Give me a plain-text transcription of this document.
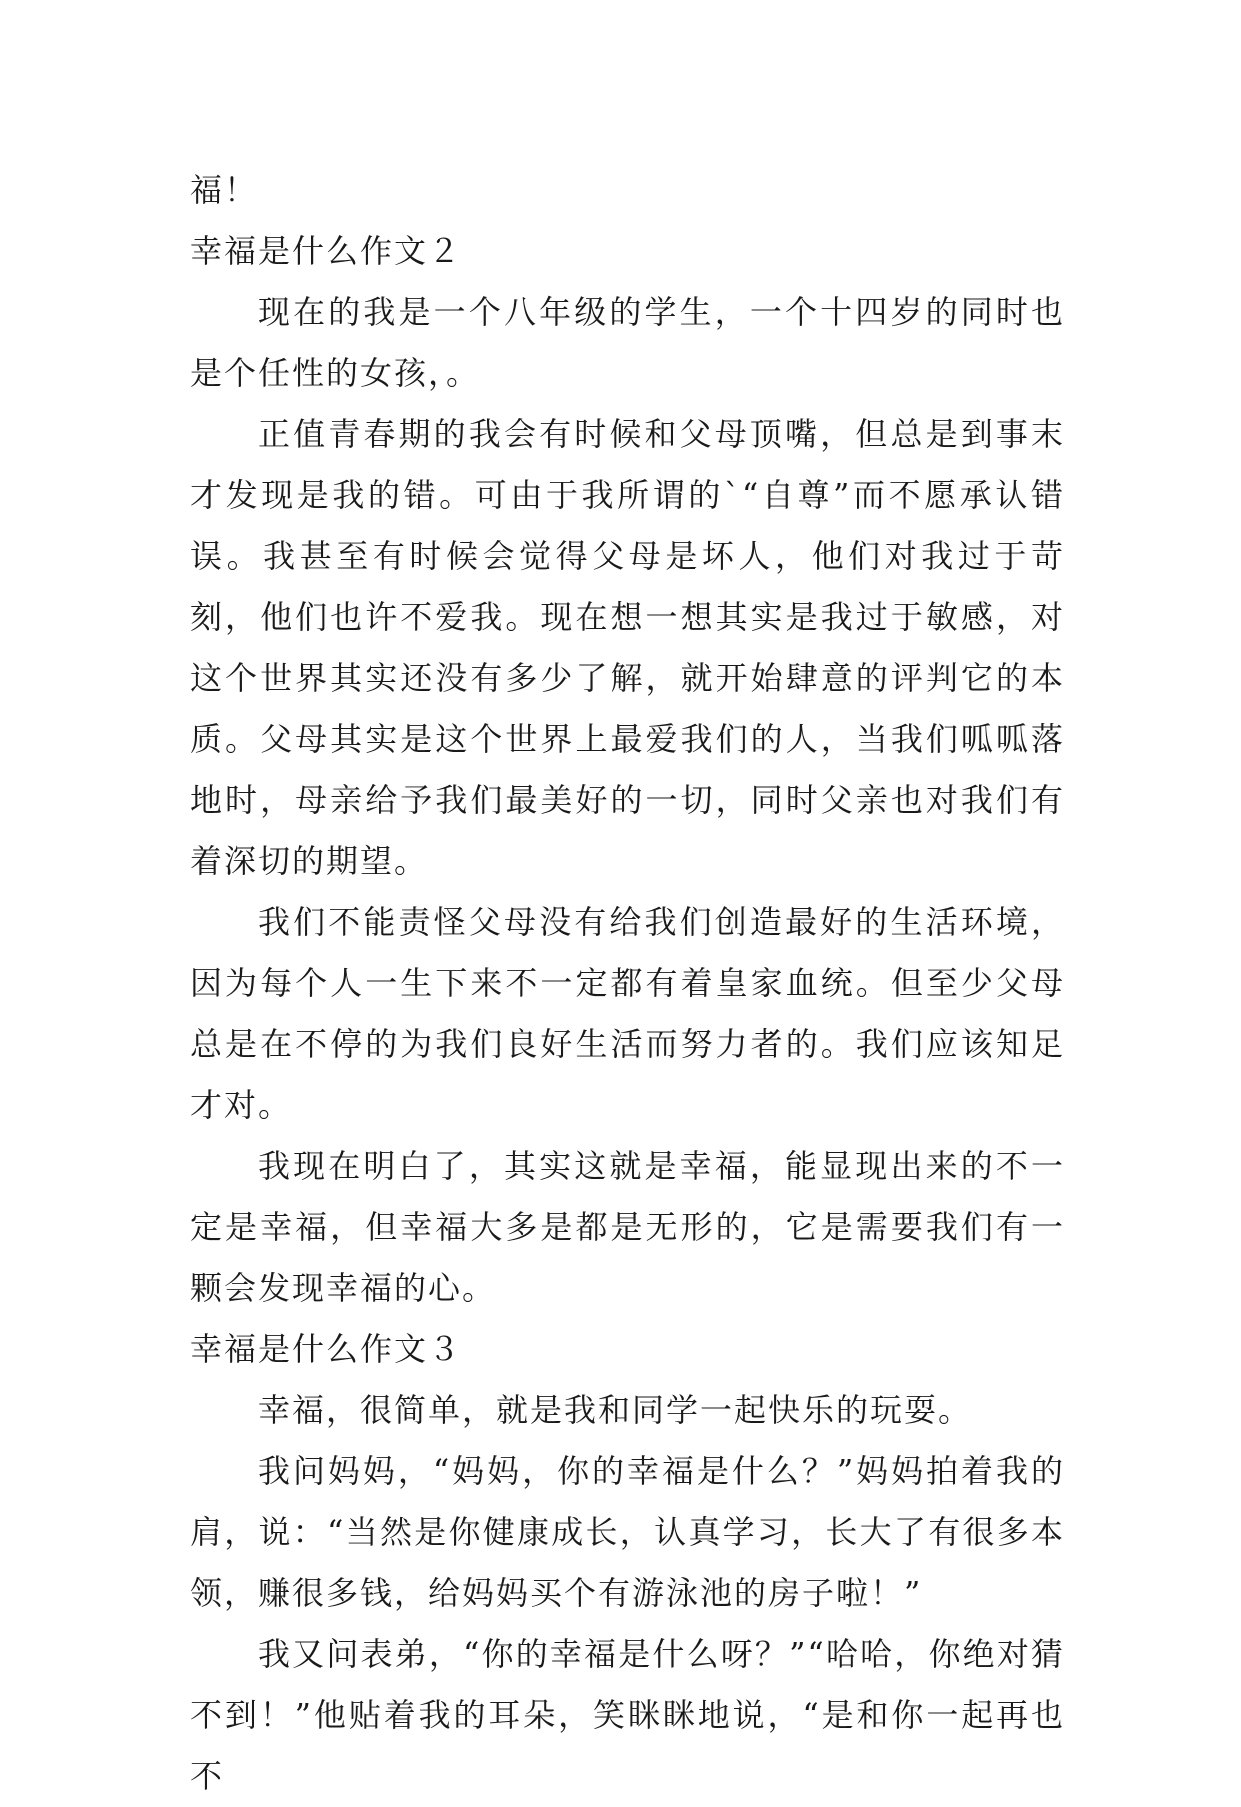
福！

幸福是什么作文２

现在的我是一个八年级的学生，一个十四岁的同时也是个任性的女孩，。

正值青春期的我会有时候和父母顶嘴，但总是到事末才发现是我的错。可由于我所谓的`“自尊”而不愿承认错误。我甚至有时候会觉得父母是坏人，他们对我过于苛刻，他们也许不爱我。现在想一想其实是我过于敏感，对这个世界其实还没有多少了解，就开始肆意的评判它的本质。父母其实是这个世界上最爱我们的人，当我们呱呱落地时，母亲给予我们最美好的一切，同时父亲也对我们有着深切的期望。

我们不能责怪父母没有给我们创造最好的生活环境，因为每个人一生下来不一定都有着皇家血统。但至少父母总是在不停的为我们良好生活而努力者的。我们应该知足才对。

我现在明白了，其实这就是幸福，能显现出来的不一定是幸福，但幸福大多是都是无形的，它是需要我们有一颗会发现幸福的心。

幸福是什么作文３

幸福，很简单，就是我和同学一起快乐的玩耍。

我问妈妈，“妈妈，你的幸福是什么？”妈妈拍着我的肩，说：“当然是你健康成长，认真学习，长大了有很多本领，赚很多钱，给妈妈买个有游泳池的房子啦！”

我又问表弟，“你的幸福是什么呀？”“哈哈，你绝对猜不到！”他贴着我的耳朵，笑眯眯地说，“是和你一起再也不
